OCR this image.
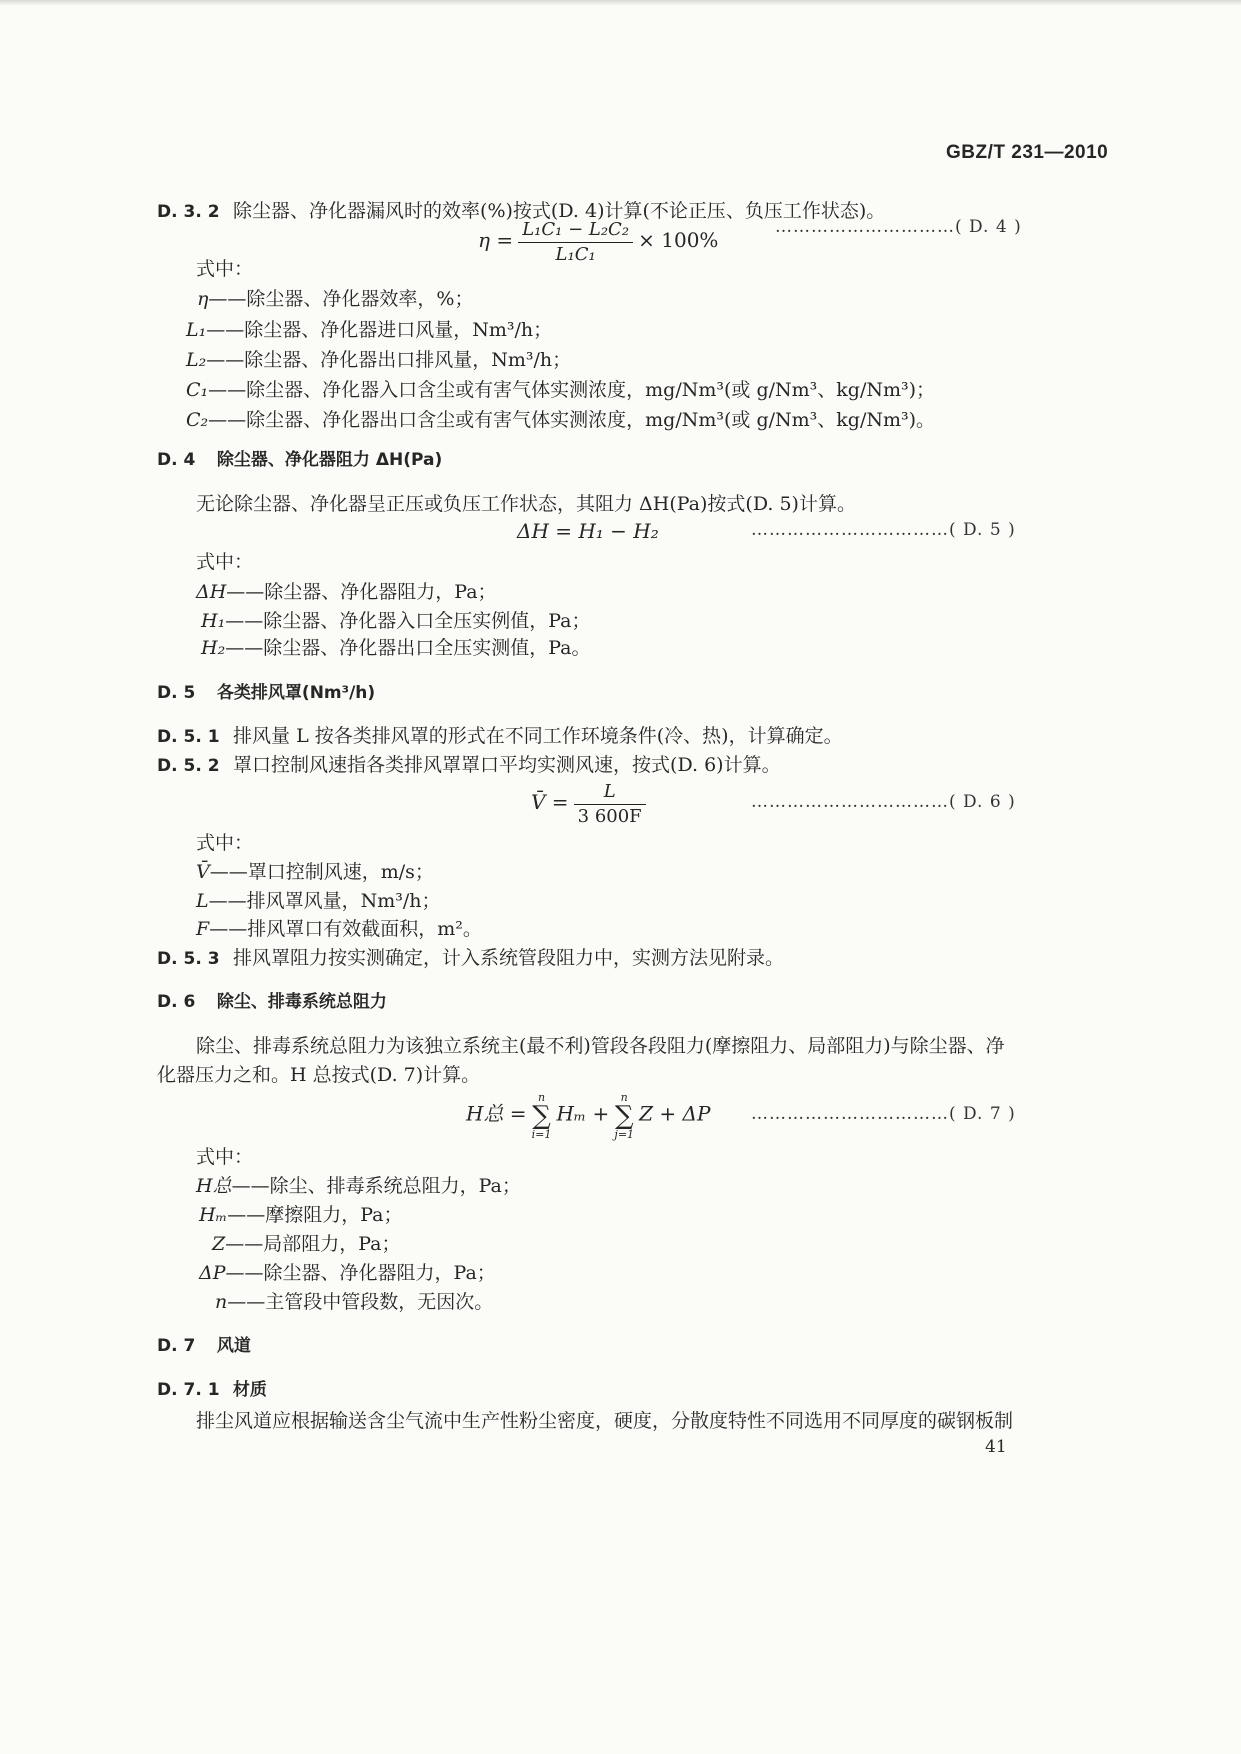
GBZ/T 231—2010
D. 3. 2 除尘器、净化器漏风时的效率(%)按式(D. 4)计算(不论正压、负压工作状态)。
$\eta = \frac{\text{L₁C₁ − L₂C₂}}{\text{L₁C₁}} \times 100\%$
…………………………( D. 4 )
式中：
η——除尘器、净化器效率，%；
L₁——除尘器、净化器进口风量，Nm³/h；
L₂——除尘器、净化器出口排风量，Nm³/h；
C₁——除尘器、净化器入口含尘或有害气体实测浓度，mg/Nm³(或 g/Nm³、kg/Nm³)；
C₂——除尘器、净化器出口含尘或有害气体实测浓度，mg/Nm³(或 g/Nm³、kg/Nm³)。
D. 4 除尘器、净化器阻力 ΔH(Pa)
无论除尘器、净化器呈正压或负压工作状态，其阻力 ΔH(Pa)按式(D. 5)计算。
ΔH = H₁ − H₂	……………………………( D. 5 )
式中：
ΔH——除尘器、净化器阻力，Pa；
H₁——除尘器、净化器入口全压实例值，Pa；
H₂——除尘器、净化器出口全压实测值，Pa。
D. 5 各类排风罩(Nm³/h)
D. 5. 1 排风量 L 按各类排风罩的形式在不同工作环境条件(冷、热)，计算确定。
D. 5. 2 罩口控制风速指各类排风罩罩口平均实测风速，按式(D. 6)计算。
V̄ = $\frac{L}{3 600F}$	……………………………( D. 6 )
式中：
V̄——罩口控制风速，m/s；
L——排风罩风量，Nm³/h；
F——排风罩口有效截面积，m²。
D. 5. 3 排风罩阻力按实测确定，计入系统管段阻力中，实测方法见附录。
D. 6 除尘、排毒系统总阻力
除尘、排毒系统总阻力为该独立系统主(最不利)管段各段阻力(摩擦阻力、局部阻力)与除尘器、净
化器压力之和。H 总按式(D. 7)计算。
H总 =
n
∑
i=1
Hₘ +
n
∑
j=1
Z + ΔP ……………………………( D. 7 )
式中：
H总——除尘、排毒系统总阻力，Pa；
Hₘ——摩擦阻力，Pa；
Z——局部阻力，Pa；
ΔP——除尘器、净化器阻力，Pa；
n——主管段中管段数，无因次。
D. 7 风道
D. 7. 1 材质
排尘风道应根据输送含尘气流中生产性粉尘密度，硬度，分散度特性不同选用不同厚度的碳钢板制
41
